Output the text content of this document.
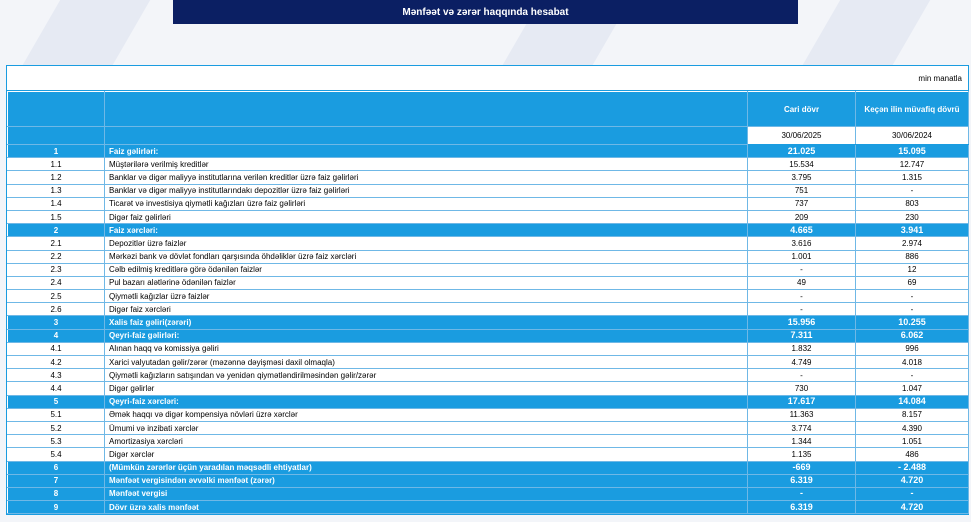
Mənfəət və zərər haqqında hesabat
min manatla
		Cari dövr	Keçən ilin müvafiq dövrü
		30/06/2025	30/06/2024
1	Faiz gəlirləri:	21.025	15.095
1.1	Müştərilərə verilmiş kreditlər	15.534	12.747
1.2	Banklar və digər maliyyə institutlarına verilən kreditlər üzrə faiz gəlirləri	3.795	1.315
1.3	Banklar və digər maliyyə institutlarındakı depozitlər üzrə faiz gəlirləri	751	-
1.4	Ticarət və investisiya qiymətli kağızları üzrə faiz gəlirləri	737	803
1.5	Digər faiz gəlirləri	209	230
2	Faiz xərcləri:	4.665	3.941
2.1	Depozitlər üzrə faizlər	3.616	2.974
2.2	Mərkəzi bank və dövlət fondları qarşısında öhdəliklər üzrə faiz xərcləri	1.001	886
2.3	Cəlb edilmiş kreditlərə görə ödənilən faizlər	-	12
2.4	Pul bazarı alətlərinə ödənilən faizlər	49	69
2.5	Qiymətli kağızlar üzrə faizlər	-	-
2.6	Digər faiz xərcləri	-	-
3	Xalis faiz gəliri(zərəri)	15.956	10.255
4	Qeyri-faiz gəlirləri:	7.311	6.062
4.1	Alınan haqq və komissiya gəliri	1.832	996
4.2	Xarici valyutadan gəlir/zərər (məzənnə dəyişməsi daxil olmaqla)	4.749	4.018
4.3	Qiymətli kağızların satışından və yenidən qiymətləndirilməsindən gəlir/zərər	-	-
4.4	Digər gəlirlər	730	1.047
5	Qeyri-faiz xərcləri:	17.617	14.084
5.1	Əmək haqqı və digər kompensiya növləri üzrə xərclər	11.363	8.157
5.2	Ümumi və inzibati xərclər	3.774	4.390
5.3	Amortizasiya xərcləri	1.344	1.051
5.4	Digər xərclər	1.135	486
6	(Mümkün zərərlər üçün yaradılan məqsədli ehtiyatlar)	-669	- 2.488
7	Mənfəət vergisindən əvvəlki mənfəət (zərər)	6.319	4.720
8	Mənfəət vergisi	-	-
9	Dövr üzrə xalis mənfəət	6.319	4.720
